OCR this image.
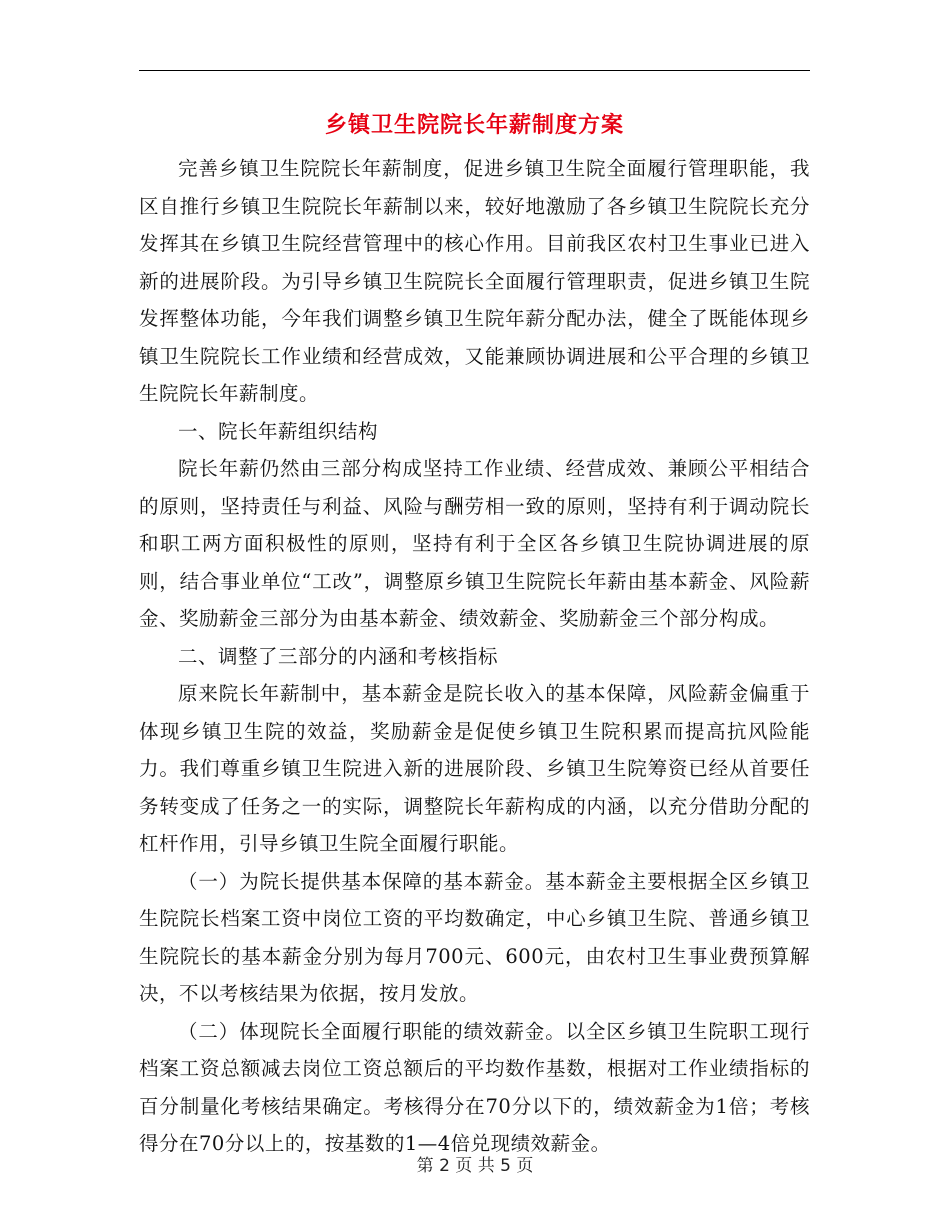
乡镇卫生院院长年薪制度方案

完善乡镇卫生院院长年薪制度，促进乡镇卫生院全面履行管理职能，我区自推行乡镇卫生院院长年薪制以来，较好地激励了各乡镇卫生院院长充分发挥其在乡镇卫生院经营管理中的核心作用。目前我区农村卫生事业已进入新的进展阶段。为引导乡镇卫生院院长全面履行管理职责，促进乡镇卫生院发挥整体功能，今年我们调整乡镇卫生院年薪分配办法，健全了既能体现乡镇卫生院院长工作业绩和经营成效，又能兼顾协调进展和公平合理的乡镇卫生院院长年薪制度。

一、院长年薪组织结构

院长年薪仍然由三部分构成坚持工作业绩、经营成效、兼顾公平相结合的原则，坚持责任与利益、风险与酬劳相一致的原则，坚持有利于调动院长和职工两方面积极性的原则，坚持有利于全区各乡镇卫生院协调进展的原则，结合事业单位“工改”，调整原乡镇卫生院院长年薪由基本薪金、风险薪金、奖励薪金三部分为由基本薪金、绩效薪金、奖励薪金三个部分构成。

二、调整了三部分的内涵和考核指标

原来院长年薪制中，基本薪金是院长收入的基本保障，风险薪金偏重于体现乡镇卫生院的效益，奖励薪金是促使乡镇卫生院积累而提高抗风险能力。我们尊重乡镇卫生院进入新的进展阶段、乡镇卫生院筹资已经从首要任务转变成了任务之一的实际，调整院长年薪构成的内涵，以充分借助分配的杠杆作用，引导乡镇卫生院全面履行职能。

（一）为院长提供基本保障的基本薪金。基本薪金主要根据全区乡镇卫生院院长档案工资中岗位工资的平均数确定，中心乡镇卫生院、普通乡镇卫生院院长的基本薪金分别为每月700元、600元，由农村卫生事业费预算解决，不以考核结果为依据，按月发放。

（二）体现院长全面履行职能的绩效薪金。以全区乡镇卫生院职工现行档案工资总额减去岗位工资总额后的平均数作基数，根据对工作业绩指标的百分制量化考核结果确定。考核得分在70分以下的，绩效薪金为1倍；考核得分在70分以上的，按基数的1—4倍兑现绩效薪金。

第 2 页 共 5 页
